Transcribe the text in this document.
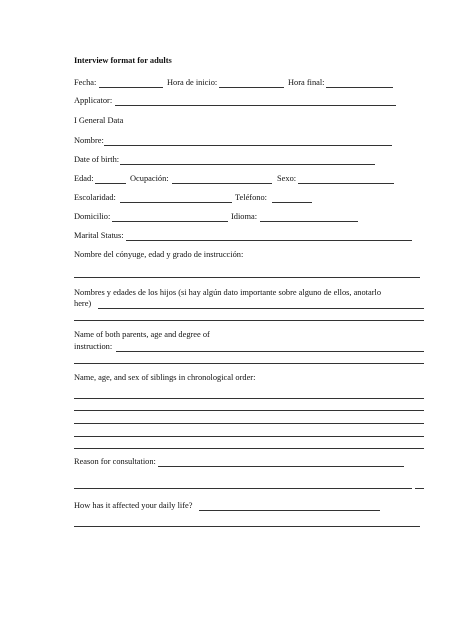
Interview format for adults
Fecha:	Hora de inicio:	Hora final:
Applicator:
I General Data
Nombre:
Date of birth:
Edad:	Ocupación:	Sexo:
Escolaridad:	Teléfono:
Domicilio:	Idioma:
Marital Status:
Nombre del cónyuge, edad y grado de instrucción:
Nombres y edades de los hijos (si hay algún dato importante sobre alguno de ellos, anotarlo
here)
Name of both parents, age and degree of
instruction:
Name, age, and sex of siblings in chronological order:
Reason for consultation:
How has it affected your daily life?
